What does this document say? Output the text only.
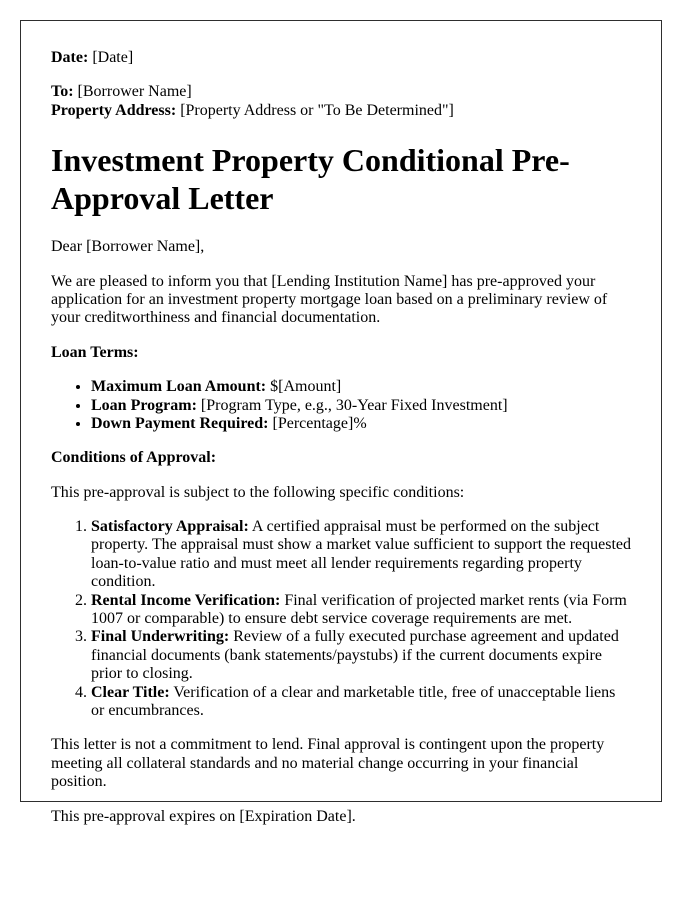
Date: [Date]

To: [Borrower Name]
Property Address: [Property Address or "To Be Determined"]

Investment Property Conditional Pre-Approval Letter

Dear [Borrower Name],

We are pleased to inform you that [Lending Institution Name] has pre-approved your application for an investment property mortgage loan based on a preliminary review of your creditworthiness and financial documentation.

Loan Terms:

• Maximum Loan Amount: $[Amount]
• Loan Program: [Program Type, e.g., 30-Year Fixed Investment]
• Down Payment Required: [Percentage]%

Conditions of Approval:

This pre-approval is subject to the following specific conditions:

1. Satisfactory Appraisal: A certified appraisal must be performed on the subject property. The appraisal must show a market value sufficient to support the requested loan-to-value ratio and must meet all lender requirements regarding property condition.
2. Rental Income Verification: Final verification of projected market rents (via Form 1007 or comparable) to ensure debt service coverage requirements are met.
3. Final Underwriting: Review of a fully executed purchase agreement and updated financial documents (bank statements/paystubs) if the current documents expire prior to closing.
4. Clear Title: Verification of a clear and marketable title, free of unacceptable liens or encumbrances.

This letter is not a commitment to lend. Final approval is contingent upon the property meeting all collateral standards and no material change occurring in your financial position.

This pre-approval expires on [Expiration Date].
